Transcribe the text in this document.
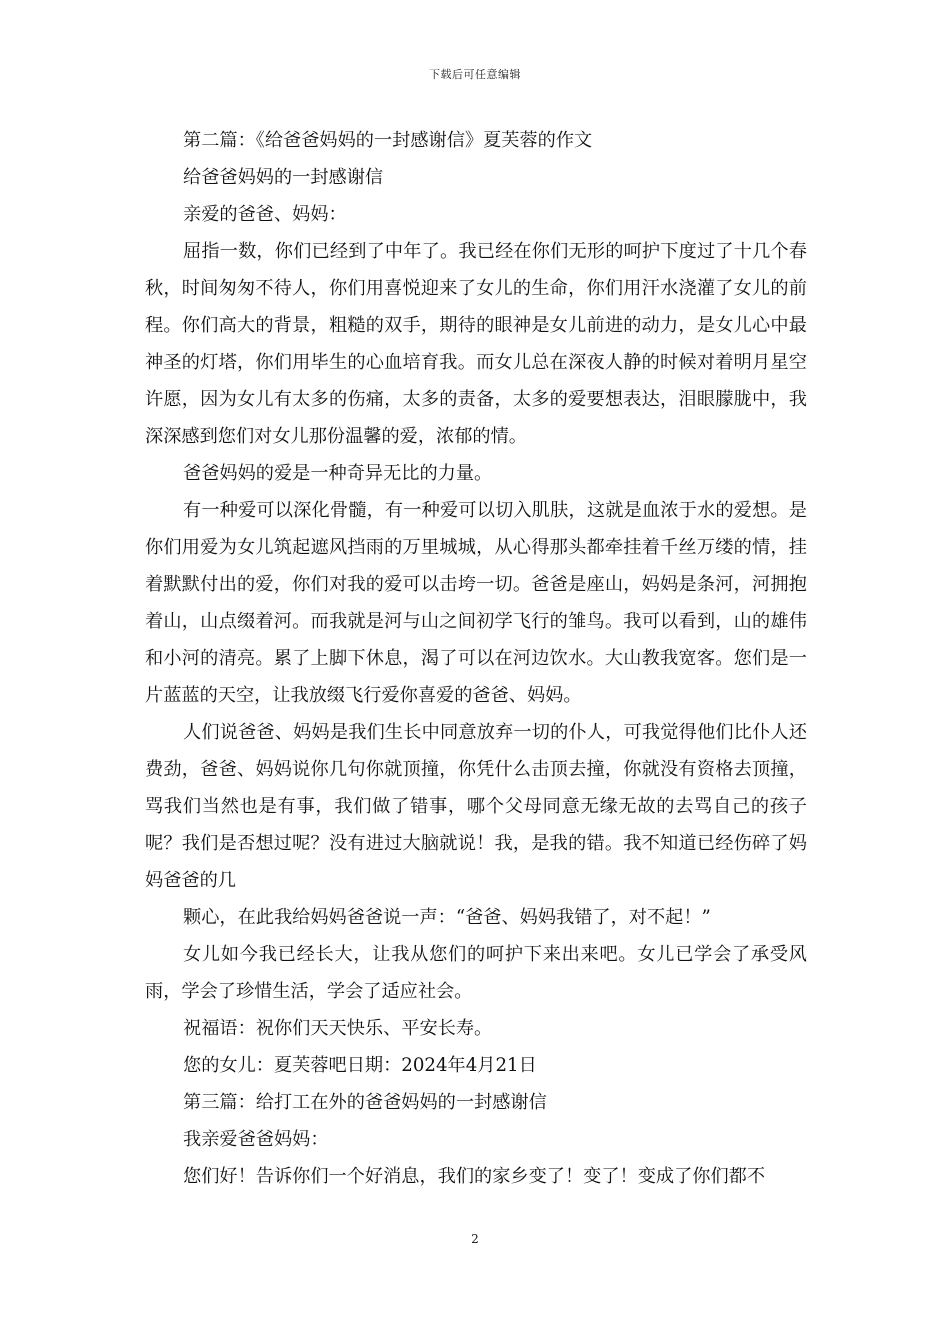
下载后可任意编辑

第二篇：《给爸爸妈妈的一封感谢信》夏芙蓉的作文

给爸爸妈妈的一封感谢信

亲爱的爸爸、妈妈：

屈指一数，你们已经到了中年了。我已经在你们无形的呵护下度过了十几个春秋，时间匆匆不待人，你们用喜悦迎来了女儿的生命，你们用汗水浇灌了女儿的前程。你们高大的背景，粗糙的双手，期待的眼神是女儿前进的动力，是女儿心中最神圣的灯塔，你们用毕生的心血培育我。而女儿总在深夜人静的时候对着明月星空许愿，因为女儿有太多的伤痛，太多的责备，太多的爱要想表达，泪眼朦胧中，我深深感到您们对女儿那份温馨的爱，浓郁的情。

爸爸妈妈的爱是一种奇异无比的力量。

有一种爱可以深化骨髓，有一种爱可以切入肌肤，这就是血浓于水的爱想。是你们用爱为女儿筑起遮风挡雨的万里城城，从心得那头都牵挂着千丝万缕的情，挂着默默付出的爱，你们对我的爱可以击垮一切。爸爸是座山，妈妈是条河，河拥抱着山，山点缀着河。而我就是河与山之间初学飞行的雏鸟。我可以看到，山的雄伟和小河的清亮。累了上脚下休息，渴了可以在河边饮水。大山教我宽客。您们是一片蓝蓝的天空，让我放缀飞行爱你喜爱的爸爸、妈妈。

人们说爸爸、妈妈是我们生长中同意放弃一切的仆人，可我觉得他们比仆人还费劲，爸爸、妈妈说你几句你就顶撞，你凭什么击顶去撞，你就没有资格去顶撞，骂我们当然也是有事，我们做了错事，哪个父母同意无缘无故的去骂自己的孩子呢？我们是否想过呢？没有进过大脑就说！我，是我的错。我不知道已经伤碎了妈妈爸爸的几

颗心，在此我给妈妈爸爸说一声：“爸爸、妈妈我错了，对不起！”

女儿如今我已经长大，让我从您们的呵护下来出来吧。女儿已学会了承受风雨，学会了珍惜生活，学会了适应社会。

祝福语：祝你们天天快乐、平安长寿。

您的女儿：夏芙蓉吧日期：2024年4月21日

第三篇：给打工在外的爸爸妈妈的一封感谢信

我亲爱爸爸妈妈：

您们好！告诉你们一个好消息，我们的家乡变了！变了！变成了你们都不

2
